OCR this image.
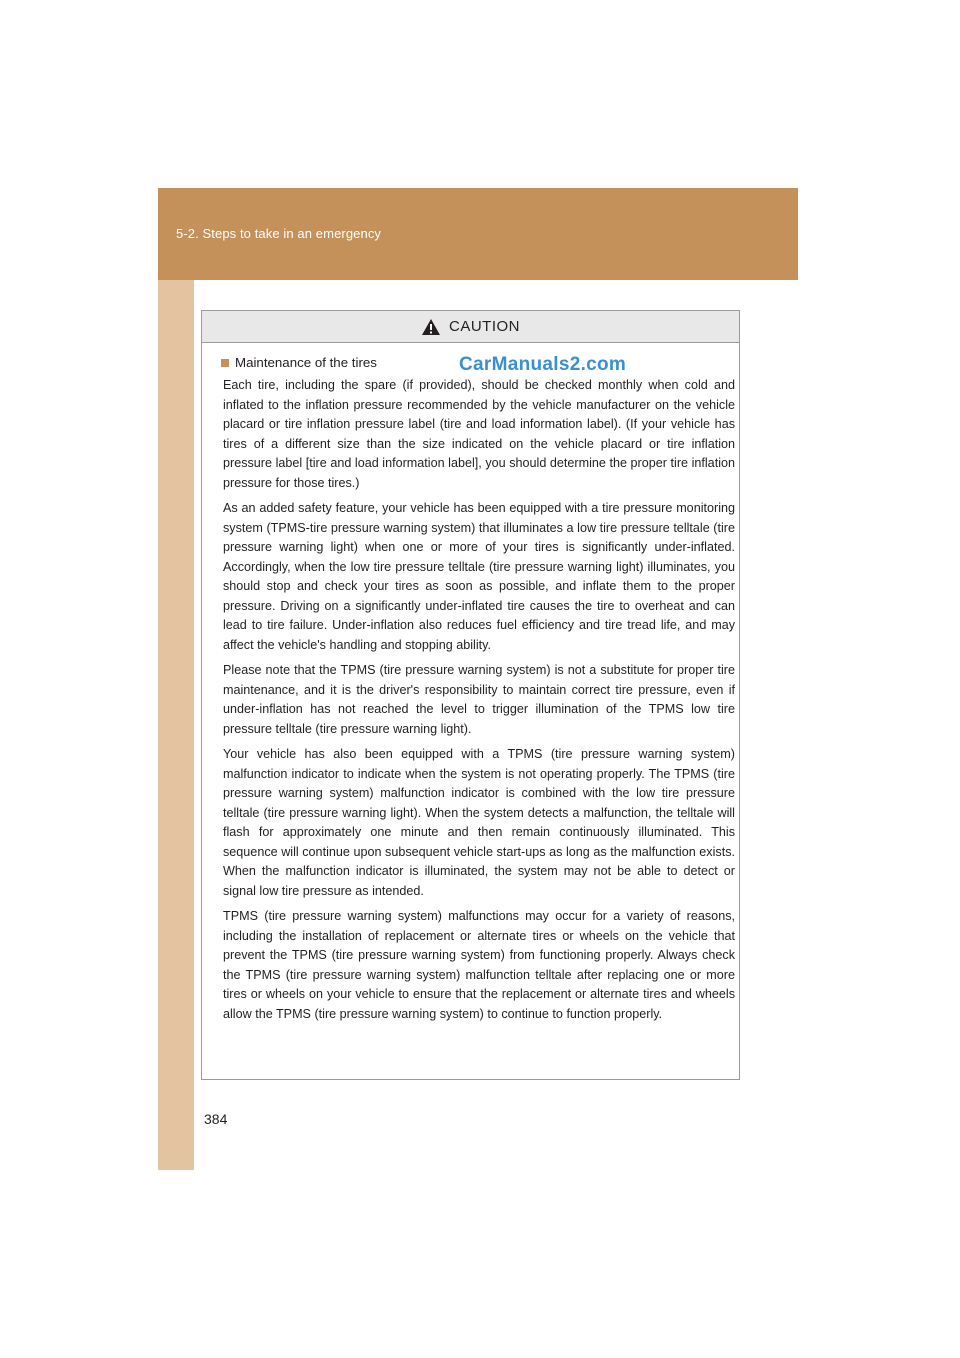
5-2. Steps to take in an emergency
CAUTION
Maintenance of the tires

Each tire, including the spare (if provided), should be checked monthly when cold and inflated to the inflation pressure recommended by the vehicle manufacturer on the vehicle placard or tire inflation pressure label (tire and load information label). (If your vehicle has tires of a different size than the size indicated on the vehicle placard or tire inflation pressure label [tire and load information label], you should determine the proper tire inflation pressure for those tires.)

As an added safety feature, your vehicle has been equipped with a tire pressure monitoring system (TPMS-tire pressure warning system) that illuminates a low tire pressure telltale (tire pressure warning light) when one or more of your tires is significantly under-inflated. Accordingly, when the low tire pressure telltale (tire pressure warning light) illuminates, you should stop and check your tires as soon as possible, and inflate them to the proper pressure. Driving on a significantly under-inflated tire causes the tire to overheat and can lead to tire failure. Under-inflation also reduces fuel efficiency and tire tread life, and may affect the vehicle's handling and stopping ability.

Please note that the TPMS (tire pressure warning system) is not a substitute for proper tire maintenance, and it is the driver's responsibility to maintain correct tire pressure, even if under-inflation has not reached the level to trigger illumination of the TPMS low tire pressure telltale (tire pressure warning light).

Your vehicle has also been equipped with a TPMS (tire pressure warning system) malfunction indicator to indicate when the system is not operating properly. The TPMS (tire pressure warning system) malfunction indicator is combined with the low tire pressure telltale (tire pressure warning light). When the system detects a malfunction, the telltale will flash for approximately one minute and then remain continuously illuminated. This sequence will continue upon subsequent vehicle start-ups as long as the malfunction exists. When the malfunction indicator is illuminated, the system may not be able to detect or signal low tire pressure as intended.

TPMS (tire pressure warning system) malfunctions may occur for a variety of reasons, including the installation of replacement or alternate tires or wheels on the vehicle that prevent the TPMS (tire pressure warning system) from functioning properly. Always check the TPMS (tire pressure warning system) malfunction telltale after replacing one or more tires or wheels on your vehicle to ensure that the replacement or alternate tires and wheels allow the TPMS (tire pressure warning system) to continue to function properly.

CarManuals2.com
384
